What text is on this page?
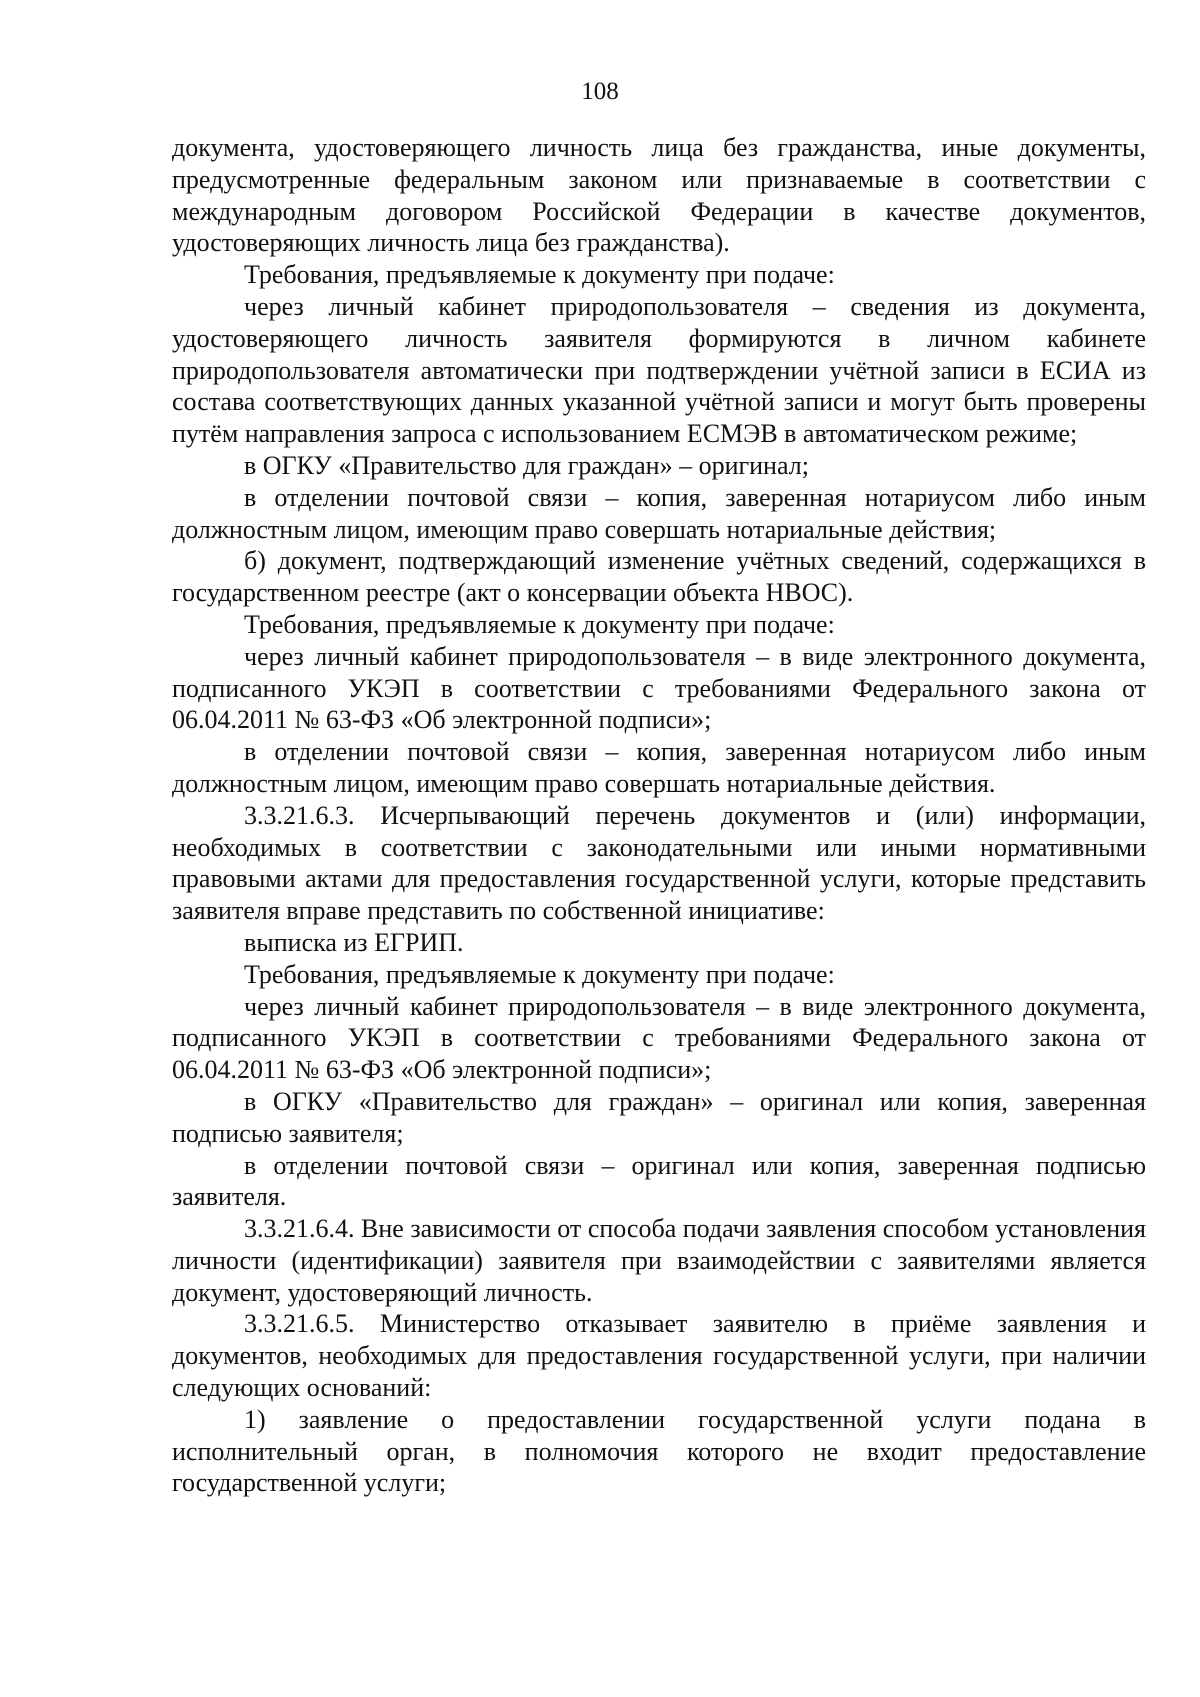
108

документа, удостоверяющего личность лица без гражданства, иные документы, предусмотренные федеральным законом или признаваемые в соответствии с международным договором Российской Федерации в качестве документов, удостоверяющих личность лица без гражданства).

Требования, предъявляемые к документу при подаче:

через личный кабинет природопользователя – сведения из документа, удостоверяющего личность заявителя формируются в личном кабинете природопользователя автоматически при подтверждении учётной записи в ЕСИА из состава соответствующих данных указанной учётной записи и могут быть проверены путём направления запроса с использованием ЕСМЭВ в автоматическом режиме;

в ОГКУ «Правительство для граждан» – оригинал;

в отделении почтовой связи – копия, заверенная нотариусом либо иным должностным лицом, имеющим право совершать нотариальные действия;

б) документ, подтверждающий изменение учётных сведений, содержащихся в государственном реестре (акт о консервации объекта НВОС).

Требования, предъявляемые к документу при подаче:

через личный кабинет природопользователя – в виде электронного документа, подписанного УКЭП в соответствии с требованиями Федерального закона от 06.04.2011 № 63-ФЗ «Об электронной подписи»;

в отделении почтовой связи – копия, заверенная нотариусом либо иным должностным лицом, имеющим право совершать нотариальные действия.

3.3.21.6.3. Исчерпывающий перечень документов и (или) информации, необходимых в соответствии с законодательными или иными нормативными правовыми актами для предоставления государственной услуги, которые представить заявителя вправе представить по собственной инициативе:

выписка из ЕГРИП.

Требования, предъявляемые к документу при подаче:

через личный кабинет природопользователя – в виде электронного документа, подписанного УКЭП в соответствии с требованиями Федерального закона от 06.04.2011 № 63-ФЗ «Об электронной подписи»;

в ОГКУ «Правительство для граждан» – оригинал или копия, заверенная подписью заявителя;

в отделении почтовой связи – оригинал или копия, заверенная подписью заявителя.

3.3.21.6.4. Вне зависимости от способа подачи заявления способом установления личности (идентификации) заявителя при взаимодействии с заявителями является документ, удостоверяющий личность.

3.3.21.6.5. Министерство отказывает заявителю в приёме заявления и документов, необходимых для предоставления государственной услуги, при наличии следующих оснований:

1) заявление о предоставлении государственной услуги подана в исполнительный орган, в полномочия которого не входит предоставление государственной услуги;
